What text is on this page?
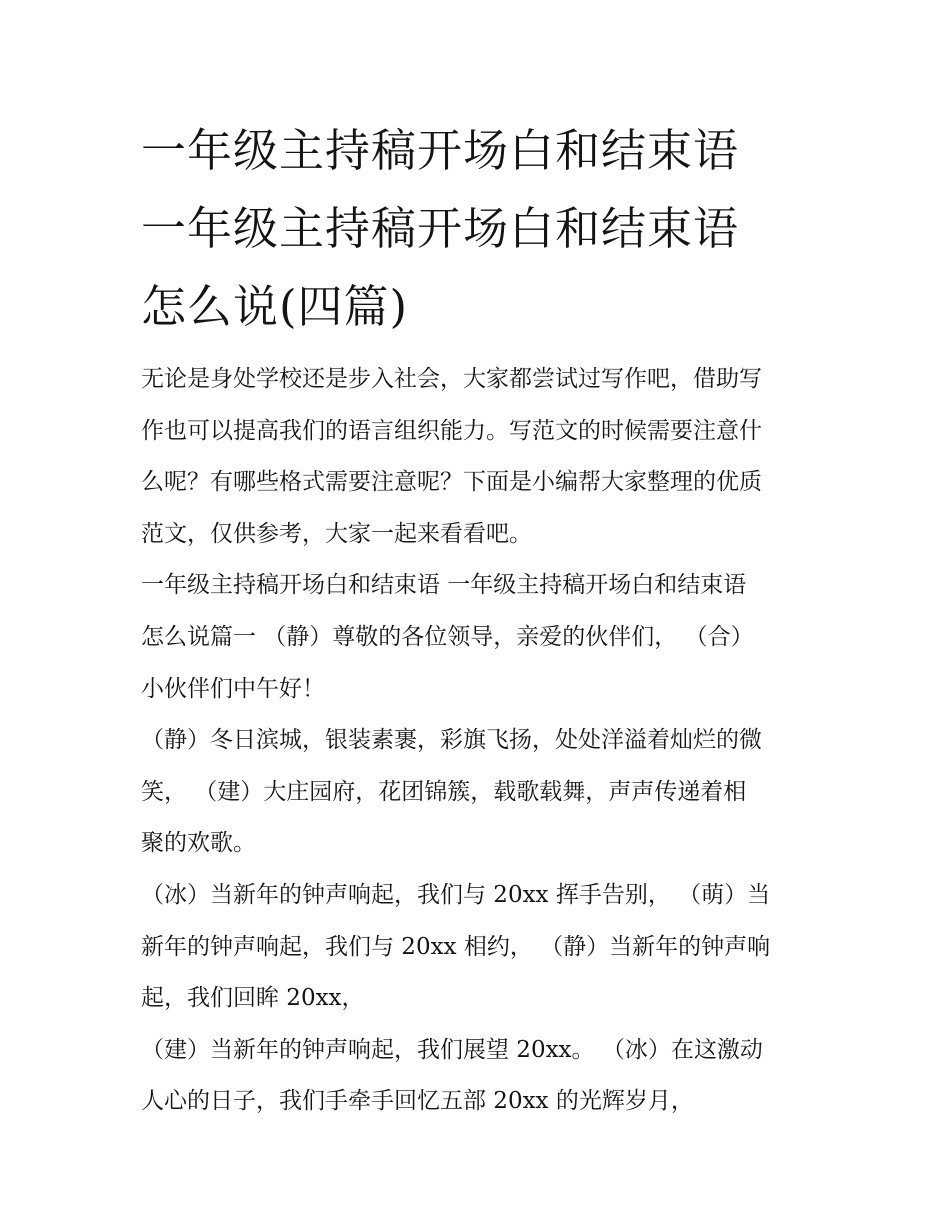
一年级主持稿开场白和结束语
一年级主持稿开场白和结束语
怎么说(四篇)

无论是身处学校还是步入社会，大家都尝试过写作吧，借助写
作也可以提高我们的语言组织能力。写范文的时候需要注意什
么呢？有哪些格式需要注意呢？下面是小编帮大家整理的优质
范文，仅供参考，大家一起来看看吧。

一年级主持稿开场白和结束语 一年级主持稿开场白和结束语
怎么说篇一 （静）尊敬的各位领导，亲爱的伙伴们， （合）
小伙伴们中午好！

（静）冬日滨城，银装素裹，彩旗飞扬，处处洋溢着灿烂的微
笑， （建）大庄园府，花团锦簇，载歌载舞，声声传递着相
聚的欢歌。

（冰）当新年的钟声响起，我们与 20xx 挥手告别， （萌）当
新年的钟声响起，我们与 20xx 相约， （静）当新年的钟声响
起，我们回眸 20xx，

（建）当新年的钟声响起，我们展望 20xx。 （冰）在这激动
人心的日子，我们手牵手回忆五部 20xx 的光辉岁月，
